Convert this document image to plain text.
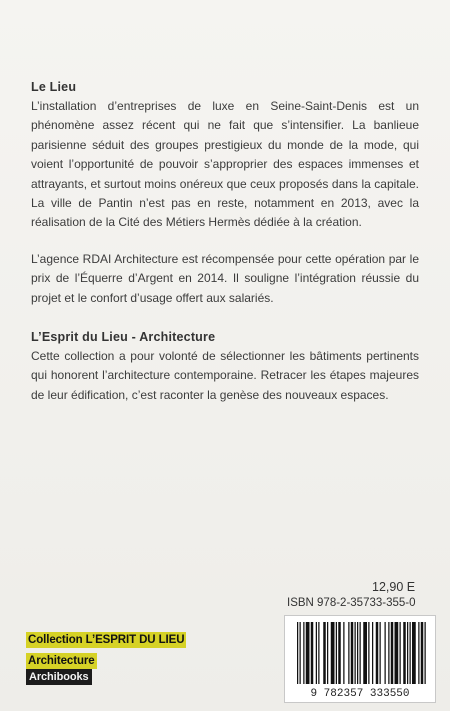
Le Lieu

L’installation d’entreprises de luxe en Seine-Saint-Denis est un phénomène assez récent qui ne fait que s’intensifier. La banlieue parisienne séduit des groupes prestigieux du monde de la mode, qui voient l’opportunité de pouvoir s’approprier des espaces immenses et attrayants, et surtout moins onéreux que ceux proposés dans la capitale. La ville de Pantin n’est pas en reste, notamment en 2013, avec la réalisation de la Cité des Métiers Hermès dédiée à la création.

L’agence RDAI Architecture est récompensée pour cette opération par le prix de l’Équerre d’Argent en 2014. Il souligne l’intégration réussie du projet et le confort d’usage offert aux salariés.

L’Esprit du Lieu - Architecture

Cette collection a pour volonté de sélectionner les bâtiments pertinents qui honorent l’architecture contemporaine. Retracer les étapes majeures de leur édification, c’est raconter la genèse des nouveaux espaces.

12,90 E
ISBN 978-2-35733-355-0
9 782357 333550
Collection L’ESPRIT DU LIEU
Architecture
Archibooks
